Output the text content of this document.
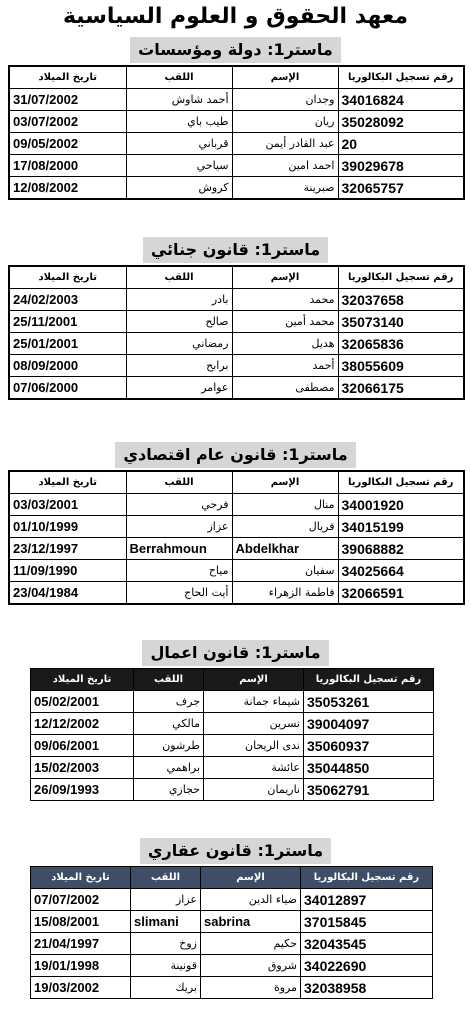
معهد الحقوق و العلوم السياسية
ماستر1: دولة ومؤسسات
رقم تسجيل البكالوريا	الإسم	اللقب	تاريخ الميلاد
34016824	وجدان	أحمد شاوش	31/07/2002
35028092	ريان	طيب باي	03/07/2002
20	عبد القادر أيمن	قرباني	09/05/2002
39029678	احمد امين	سياحي	17/08/2000
32065757	صبرينة	كروش	12/08/2002
ماستر1: قانون جنائي
رقم تسجيل البكالوريا	الإسم	اللقب	تاريخ الميلاد
32037658	محمد	بادر	24/02/2003
35073140	محمد أمين	صالح	25/11/2001
32065836	هديل	رمضاني	25/01/2001
38055609	أحمد	برابح	08/09/2000
32066175	مصطفى	عوامر	07/06/2000
ماستر1: قانون عام اقتصادي
رقم تسجيل البكالوريا	الإسم	اللقب	تاريخ الميلاد
34001920	منال	فرحي	03/03/2001
34015199	فريال	عزاز	01/10/1999
39068882	Abdelkhar	Berrahmoun	23/12/1997
34025664	سفيان	مياح	11/09/1990
32066591	فاطمة الزهراء	أيت الحاج	23/04/1984
ماستر1: قانون اعمال
رقم تسجيل البكالوريا	الإسم	اللقب	تاريخ الميلاد
35053261	شيماء جمانة	جرف	05/02/2001
39004097	نسرين	مالكي	12/12/2002
35060937	ندى الريحان	طرشون	09/06/2001
35044850	عائشة	براهمي	15/02/2003
35062791	ناريمان	حجازي	26/09/1993
ماستر1: قانون عقاري
رقم تسجيل البكالوريا	الإسم	اللقب	تاريخ الميلاد
34012897	ضياء الدين	عزاز	07/07/2002
37015845	sabrina	slimani	15/08/2001
32043545	حكيم	زوخ	21/04/1997
34022690	شروق	قونينة	19/01/1998
32038958	مروة	بريك	19/03/2002
